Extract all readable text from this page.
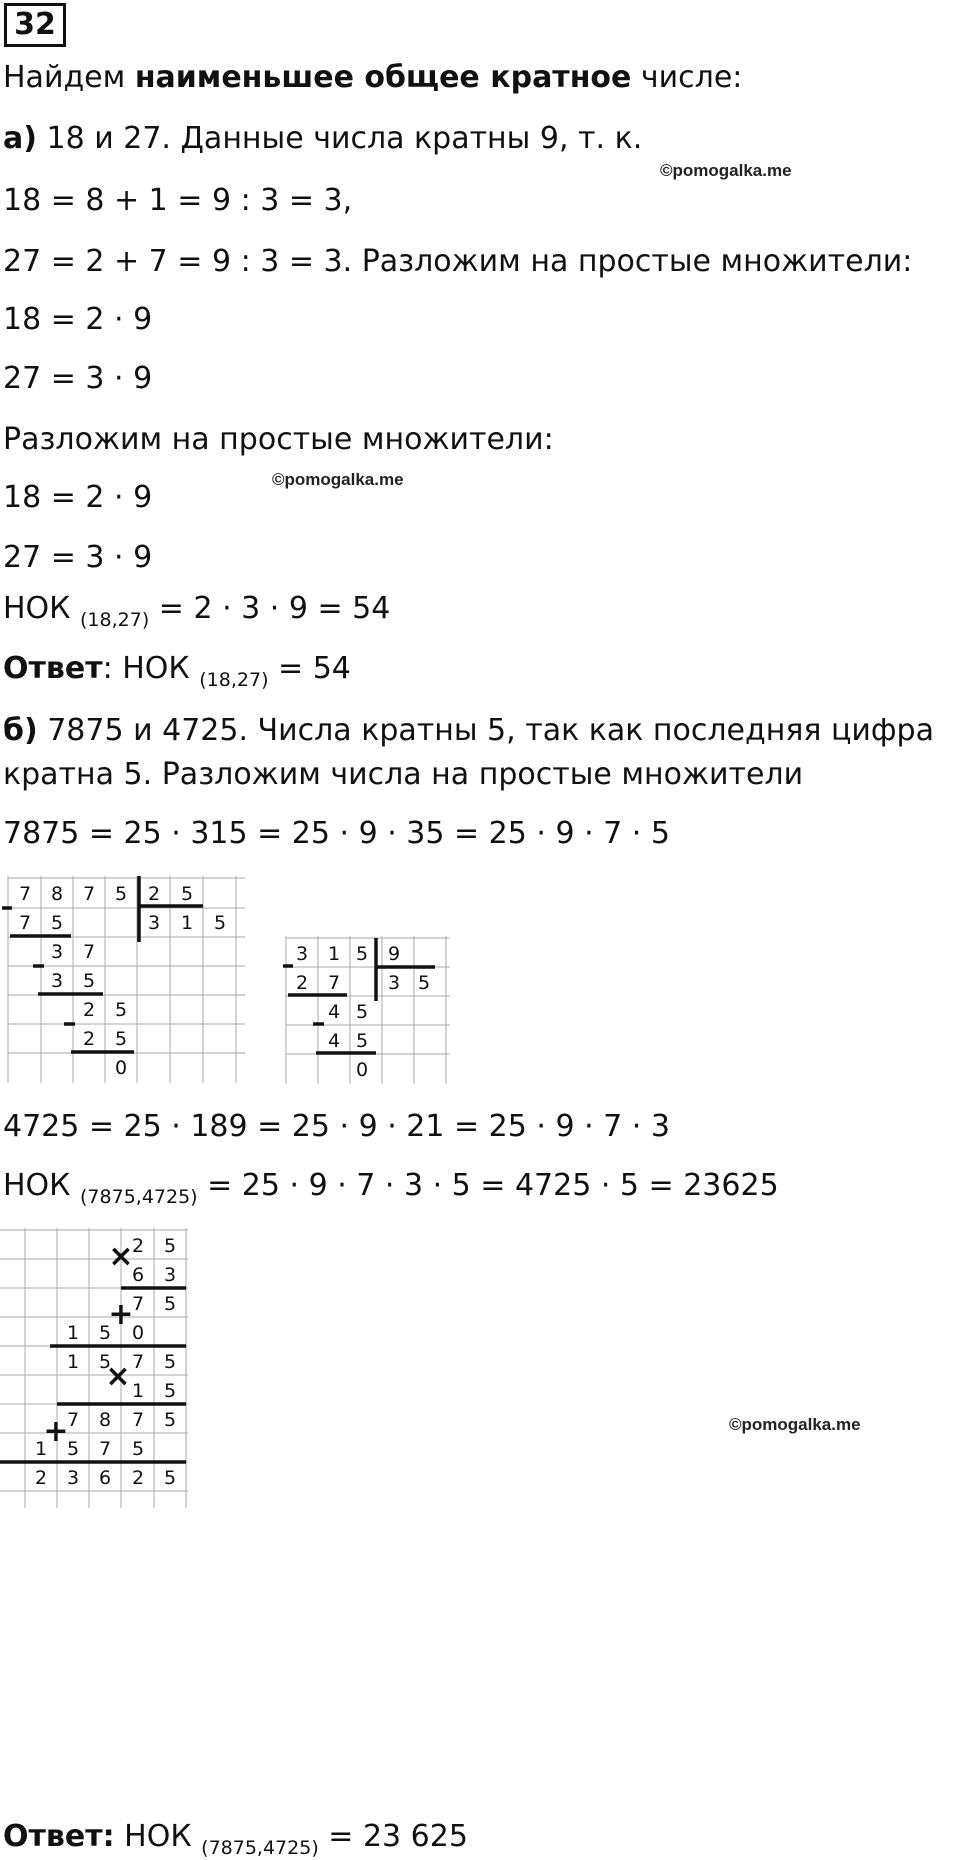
32
Найдем наименьшее общее кратное числе:
а) 18 и 27. Данные числа кратны 9, т. к.
©pomogalka.me
18 = 8 + 1 = 9 : 3 = 3,
27 = 2 + 7 = 9 : 3 = 3. Разложим на простые множители:
18 = 2 · 9
27 = 3 · 9
Разложим на простые множители:
©pomogalka.me
18 = 2 · 9
27 = 3 · 9
НОК $_{(18,27)}$ = 2 · 3 · 9 = 54
Ответ: НОК $_{(18,27)}$ = 54
б) 7875 и 4725. Числа кратны 5, так как последняя цифра
кратна 5. Разложим числа на простые множители
7875 = 25 · 315 = 25 · 9 · 35 = 25 · 9 · 7 · 5
7 8 7 5 2 5
3 1 5
7 5
3 7
3 5
2 5
2 5
0
3 1 5 9
3 5
2 7
4 5
4 5
0
4725 = 25 · 189 = 25 · 9 · 21 = 25 · 9 · 7 · 3
НОК $_{(7875,4725)}$ = 25 · 9 · 7 · 3 · 5 = 4725 · 5 = 23625
×
+
×
+
2 5
6 3
7 5
1 5 0
1 5 7 5
1 5
7 8 7 5
1 5 7 5
2 3 6 2 5
©pomogalka.me
Ответ: НОК $_{(7875,4725)}$ = 23 625
